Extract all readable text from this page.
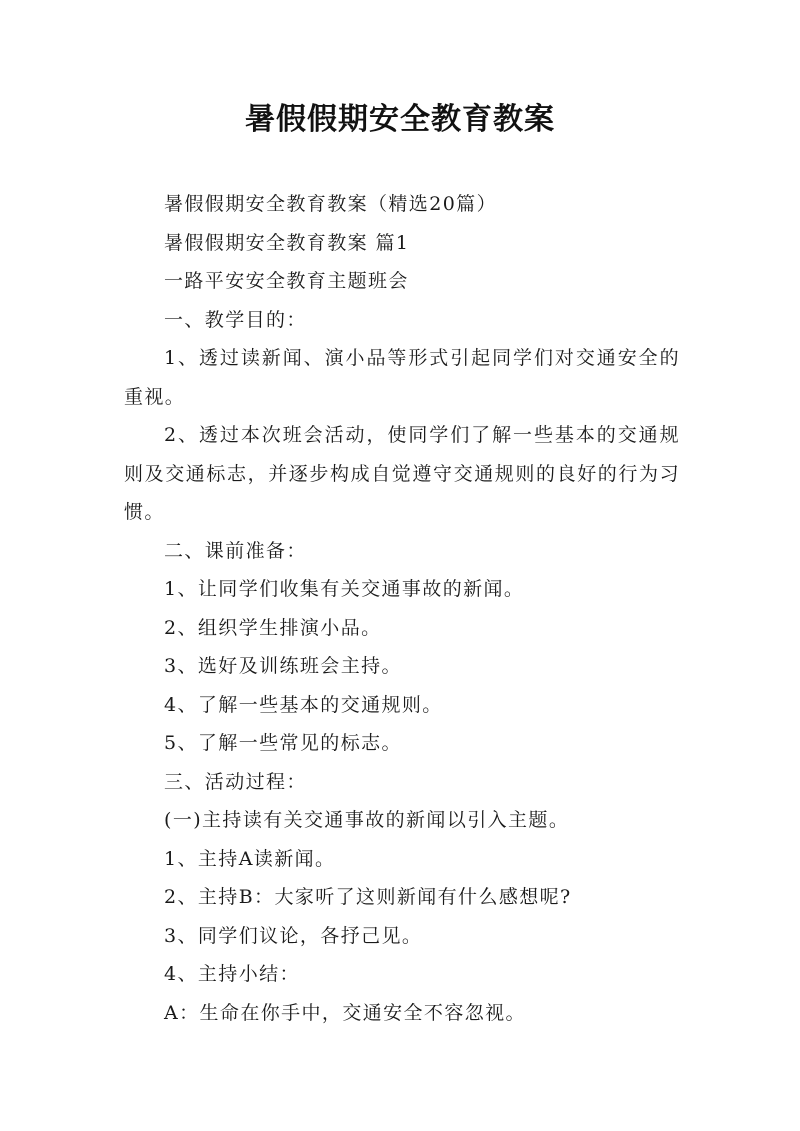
暑假假期安全教育教案

暑假假期安全教育教案（精选20篇）

暑假假期安全教育教案 篇1

一路平安安全教育主题班会

一、教学目的：

1、透过读新闻、演小品等形式引起同学们对交通安全的重视。

2、透过本次班会活动，使同学们了解一些基本的交通规则及交通标志，并逐步构成自觉遵守交通规则的良好的行为习惯。

二、课前准备：

1、让同学们收集有关交通事故的新闻。

2、组织学生排演小品。

3、选好及训练班会主持。

4、了解一些基本的交通规则。

5、了解一些常见的标志。

三、活动过程：

(一)主持读有关交通事故的新闻以引入主题。

1、主持A读新闻。

2、主持B：大家听了这则新闻有什么感想呢?

3、同学们议论，各抒己见。

4、主持小结：

A：生命在你手中，交通安全不容忽视。
